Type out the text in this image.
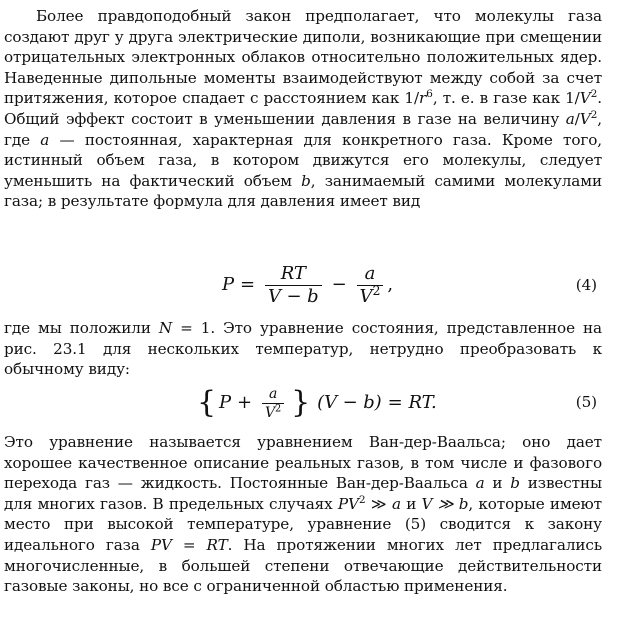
Более правдоподобный закон предполагает, что молекулы газа создают друг у друга электрические диполи, возникающие при смещении отрицательных электронных облаков относительно положительных ядер. Наведенные дипольные моменты взаимодействуют между собой за счет притяжения, которое спадает с расстоянием как $1/r^6$, т. е. в газе как $1/V^2$. Общий эффект состоит в уменьшении давления в газе на величину $a/V^2$, где a — постоянная, характерная для конкретного газа. Кроме того, истинный объем газа, в котором движутся его молекулы, следует уменьшить на фактический объем b, занимаемый самими молекулами газа; в результате формула для давления имеет вид

$P = \frac{RT}{V - b} - \frac{a}{V^2}$ ,	(4)

где мы положили N = 1. Это уравнение состояния, представленное на рис. 23.1 для нескольких температур, нетрудно преобразовать к обычному виду:

{ $P + \frac{a}{V^2}$ } (V − b) = RT.	(5)

Это уравнение называется уравнением Ван-дер-Ваальса; оно дает хорошее качественное описание реальных газов, в том числе и фазового перехода газ — жидкость. Постоянные Ван-дер-Ваальса a и b известны для многих газов. В предельных случаях $PV^2$ ≫ a и V ≫ b, которые имеют место при высокой температуре, уравнение (5) сводится к закону идеального газа PV = RT. На протяжении многих лет предлагались многочисленные, в большей степени отвечающие действительности газовые законы, но все с ограниченной областью применения.
